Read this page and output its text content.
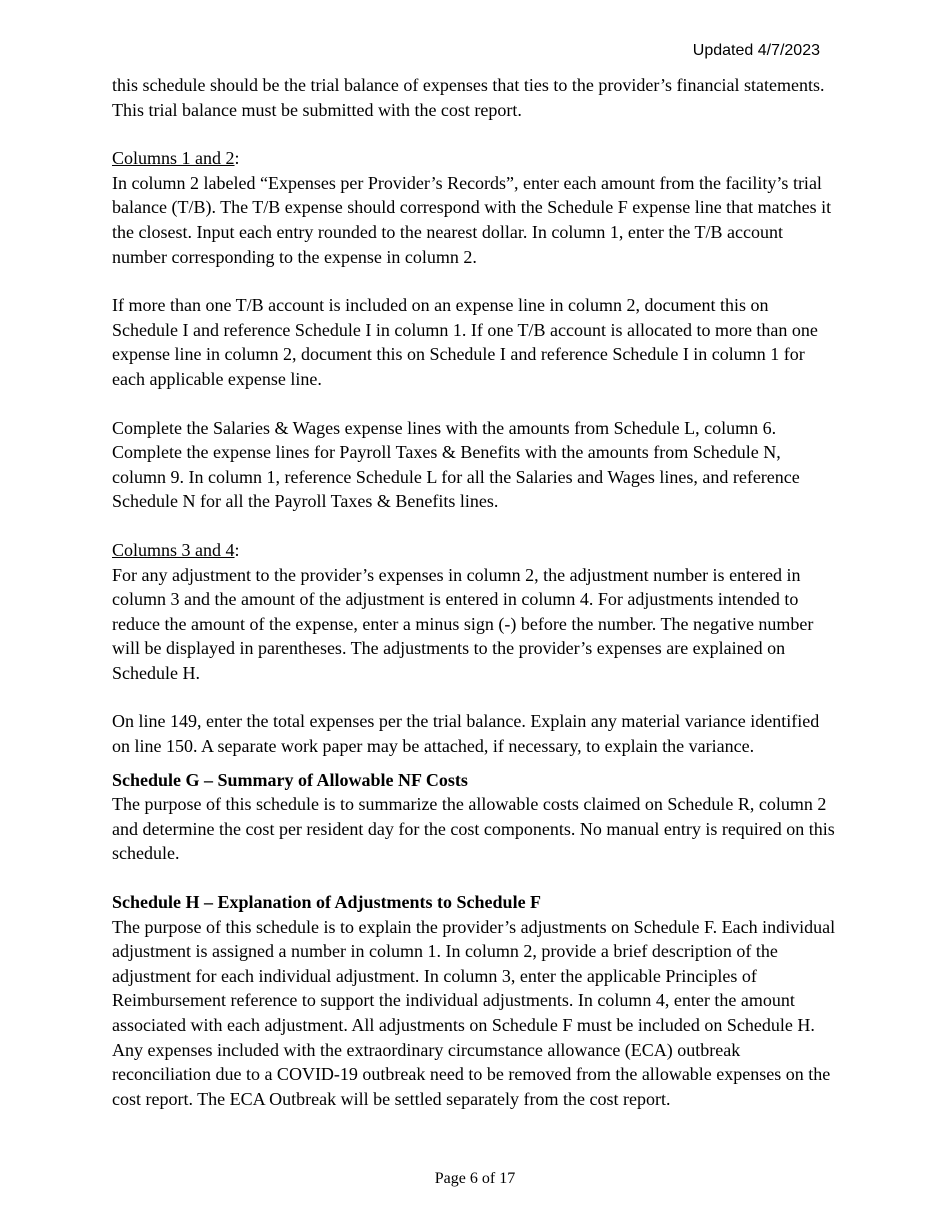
Updated 4/7/2023

this schedule should be the trial balance of expenses that ties to the provider’s financial statements. This trial balance must be submitted with the cost report.

Columns 1 and 2:
In column 2 labeled “Expenses per Provider’s Records”, enter each amount from the facility’s trial balance (T/B). The T/B expense should correspond with the Schedule F expense line that matches it the closest. Input each entry rounded to the nearest dollar. In column 1, enter the T/B account number corresponding to the expense in column 2.

If more than one T/B account is included on an expense line in column 2, document this on Schedule I and reference Schedule I in column 1. If one T/B account is allocated to more than one expense line in column 2, document this on Schedule I and reference Schedule I in column 1 for each applicable expense line.

Complete the Salaries & Wages expense lines with the amounts from Schedule L, column 6. Complete the expense lines for Payroll Taxes & Benefits with the amounts from Schedule N, column 9. In column 1, reference Schedule L for all the Salaries and Wages lines, and reference Schedule N for all the Payroll Taxes & Benefits lines.

Columns 3 and 4:
For any adjustment to the provider’s expenses in column 2, the adjustment number is entered in column 3 and the amount of the adjustment is entered in column 4. For adjustments intended to reduce the amount of the expense, enter a minus sign (-) before the number. The negative number will be displayed in parentheses. The adjustments to the provider’s expenses are explained on Schedule H.

On line 149, enter the total expenses per the trial balance. Explain any material variance identified on line 150. A separate work paper may be attached, if necessary, to explain the variance.

Schedule G – Summary of Allowable NF Costs
The purpose of this schedule is to summarize the allowable costs claimed on Schedule R, column 2 and determine the cost per resident day for the cost components. No manual entry is required on this schedule.
Schedule H – Explanation of Adjustments to Schedule F
The purpose of this schedule is to explain the provider’s adjustments on Schedule F. Each individual adjustment is assigned a number in column 1. In column 2, provide a brief description of the adjustment for each individual adjustment. In column 3, enter the applicable Principles of Reimbursement reference to support the individual adjustments. In column 4, enter the amount associated with each adjustment. All adjustments on Schedule F must be included on Schedule H. Any expenses included with the extraordinary circumstance allowance (ECA) outbreak reconciliation due to a COVID-19 outbreak need to be removed from the allowable expenses on the cost report. The ECA Outbreak will be settled separately from the cost report.
Page 6 of 17
